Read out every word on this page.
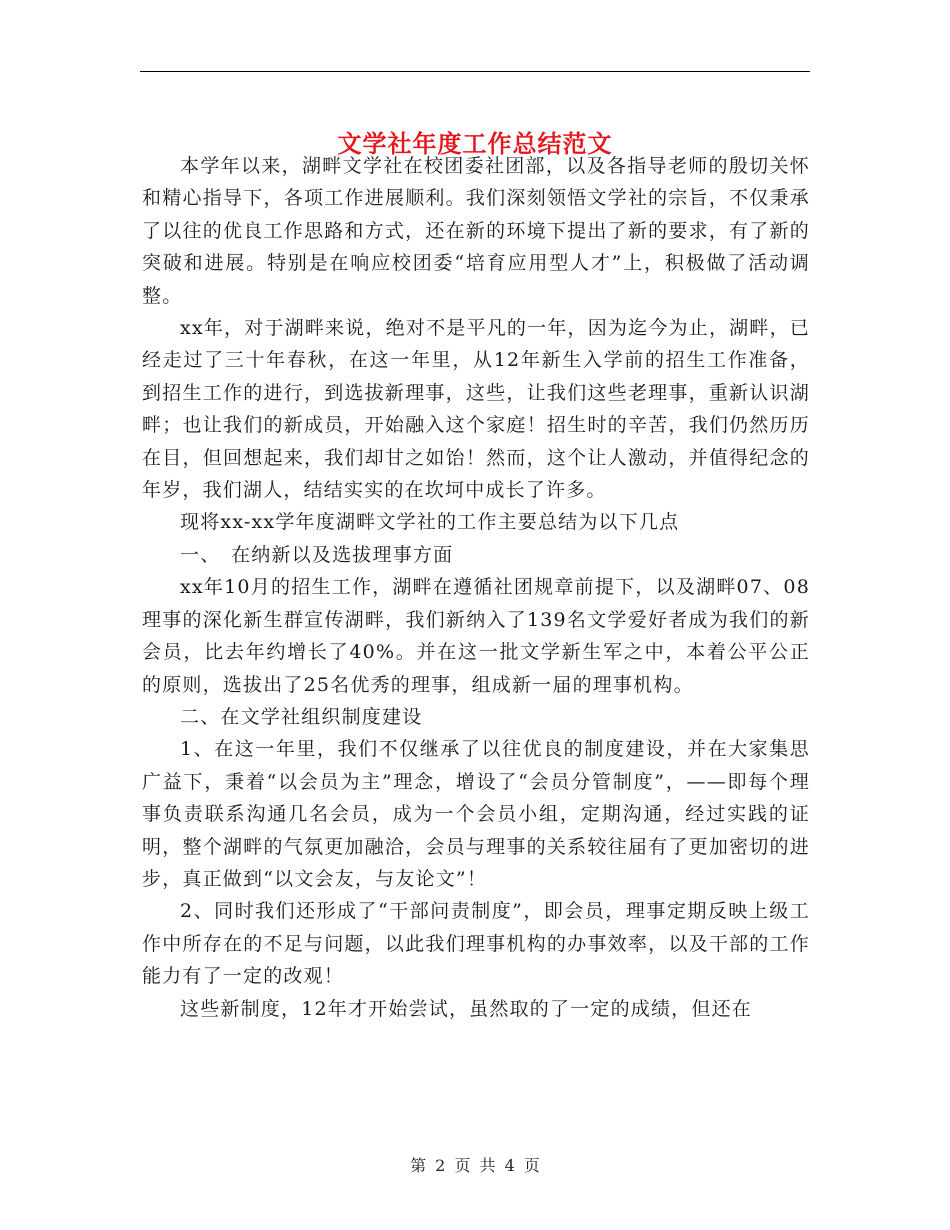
文学社年度工作总结范文

本学年以来，湖畔文学社在校团委社团部，以及各指导老师的殷切关怀和精心指导下，各项工作进展顺利。我们深刻领悟文学社的宗旨，不仅秉承了以往的优良工作思路和方式，还在新的环境下提出了新的要求，有了新的突破和进展。特别是在响应校团委“培育应用型人才”上，积极做了活动调整。

xx年，对于湖畔来说，绝对不是平凡的一年，因为迄今为止，湖畔，已经走过了三十年春秋，在这一年里，从12年新生入学前的招生工作准备，到招生工作的进行，到选拔新理事，这些，让我们这些老理事，重新认识湖畔；也让我们的新成员，开始融入这个家庭！招生时的辛苦，我们仍然历历在目，但回想起来，我们却甘之如饴！然而，这个让人激动，并值得纪念的年岁，我们湖人，结结实实的在坎坷中成长了许多。

现将xx-xx学年度湖畔文学社的工作主要总结为以下几点

一、　在纳新以及选拔理事方面

xx年10月的招生工作，湖畔在遵循社团规章前提下，以及湖畔07、08理事的深化新生群宣传湖畔，我们新纳入了139名文学爱好者成为我们的新会员，比去年约增长了40%。并在这一批文学新生军之中，本着公平公正的原则，选拔出了25名优秀的理事，组成新一届的理事机构。

二、在文学社组织制度建设

1、在这一年里，我们不仅继承了以往优良的制度建设，并在大家集思广益下，秉着“以会员为主”理念，增设了“会员分管制度”，——即每个理事负责联系沟通几名会员，成为一个会员小组，定期沟通，经过实践的证明，整个湖畔的气氛更加融洽，会员与理事的关系较往届有了更加密切的进步，真正做到“以文会友，与友论文”！

2、同时我们还形成了“干部问责制度”，即会员，理事定期反映上级工作中所存在的不足与问题，以此我们理事机构的办事效率，以及干部的工作能力有了一定的改观！

这些新制度，12年才开始尝试，虽然取的了一定的成绩，但还在

第 2 页 共 4 页
